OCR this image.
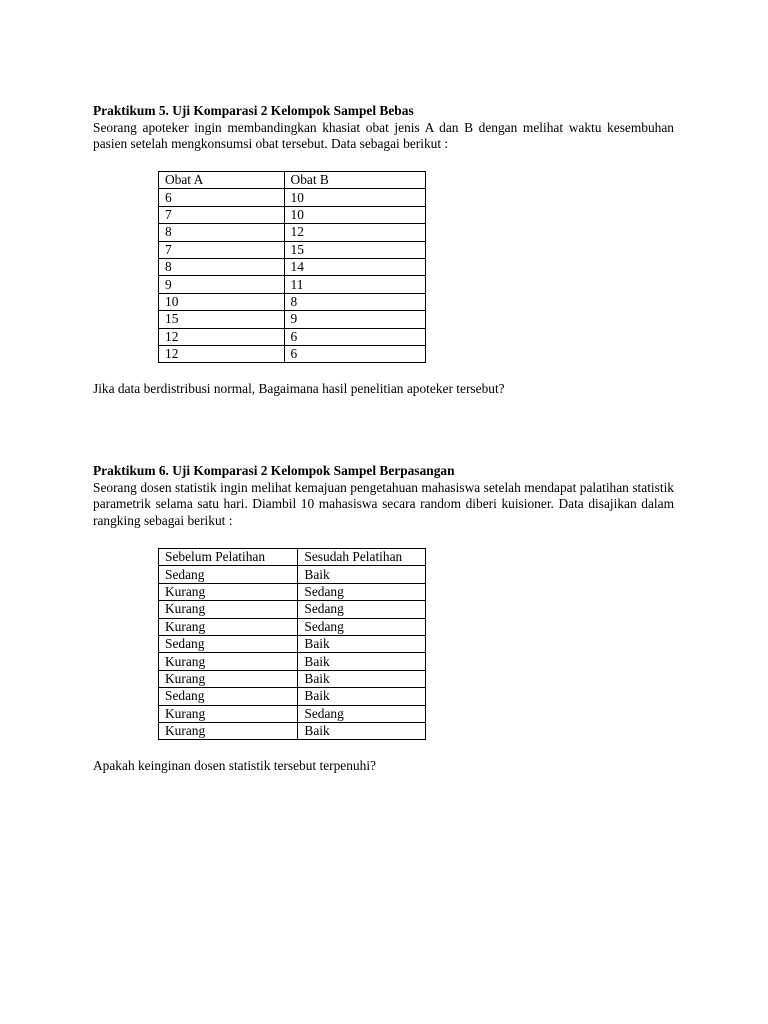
Praktikum 5. Uji Komparasi 2 Kelompok Sampel Bebas

Seorang apoteker ingin membandingkan khasiat obat jenis A dan B dengan melihat waktu kesembuhan pasien setelah mengkonsumsi obat tersebut. Data sebagai berikut :

Obat A	Obat B
6	10
7	10
8	12
7	15
8	14
9	11
10	8
15	9
12	6
12	6

Jika data berdistribusi normal, Bagaimana hasil penelitian apoteker tersebut?

Praktikum 6. Uji Komparasi 2 Kelompok Sampel Berpasangan

Seorang dosen statistik ingin melihat kemajuan pengetahuan mahasiswa setelah mendapat palatihan statistik parametrik selama satu hari. Diambil 10 mahasiswa secara random diberi kuisioner. Data disajikan dalam rangking sebagai berikut :

Sebelum Pelatihan	Sesudah Pelatihan
Sedang	Baik
Kurang	Sedang
Kurang	Sedang
Kurang	Sedang
Sedang	Baik
Kurang	Baik
Kurang	Baik
Sedang	Baik
Kurang	Sedang
Kurang	Baik

Apakah keinginan dosen statistik tersebut terpenuhi?
